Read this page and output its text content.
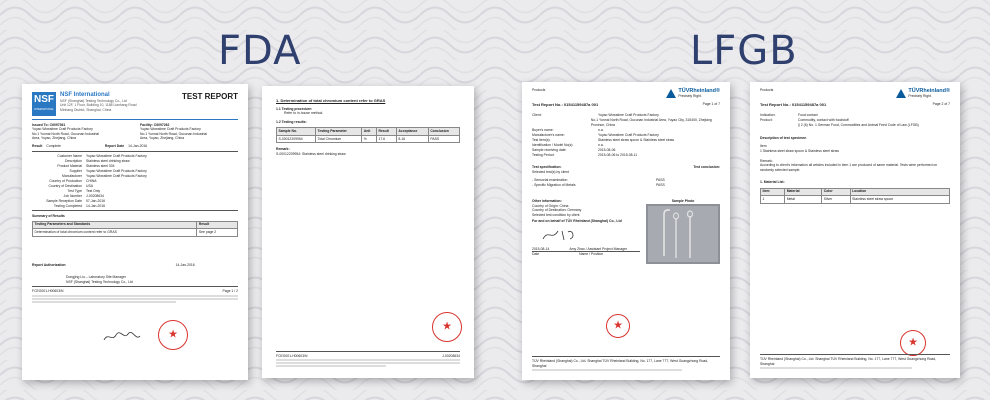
FDA	LFGB
NSF
INTERNATIONAL
NSF International
NSF (Shanghai) Testing Technology Co., Ltd
Unit 12F, 1 Floor, Building 10, 1188 Lianhang Road
Minhang District, Shanghai, China
TEST REPORT
Issued To: C6097361
Yuyao Wowstime Craft Products Factory
No.1 Yunnai North Road, Oucunan Industrial
Area, Yuyao, Zhejiang, China
Facility: C6097262
Yuyao Wowstime Craft Products Factory
No.1 Yunnai North Road, Oucunan Industrial
Area, Yuyao, Zhejiang, China
Result Complete	Report Date 14-Jan-2016
Customer Name Yuyao Wowstime Craft Products Factory
Description Stainless steel drinking straw
Product Material Stainless steel 304
Supplier Yuyao Wowstime Craft Products Factory
Manufacturer Yuyao Wowstime Craft Products Factory
Country of Production CHINA
Country of Destination USA
Test Type Test Only
Job Number J-00208634
Sample Reception Date 07-Jan-2016
Testing Completed 14-Jan-2016
Summary of Results
Testing Parameters and Standards	Result
Determination of total chromium content refer to GRAS	See page 2
Report Authorization	14-Jan-2016
Dongjing Liu – Laboratory Site Manager
NSF (Shanghai) Testing Technology Co., Ltd
FCEG001-H00603/N	Page 1 / 2
★
1. Determination of total chromium content refer to GRAS
1.1 Testing procedure:
Refer to in-house method.
1.2 Testing results:
Sample No.	Testing Parameter	Unit	Result	Acceptance	Conclusion
S-00012209954	Total Chromium	%	17.6	8-16	PASS
Remark:
S-00012209954: Stainless steel drinking straw
★
FCEG001-H00603/N	J-00208634
Products	TÜVRheinland®
Precisely Right.
Test Report No.: 01541159487a 001	Page 1 of 7
Client:	Yuyao Wowstime Craft Products Factory
No.1 Yunnai North Road, Oucunan Industrial Area, Yuyao City, 315400, Zhejiang Province, China
Buyer's name:	n.a.
Manufacturer's name:	Yuyao Wowstime Craft Products Factory
Test item(s):	Stainless steel straw spoon & Stainless steel straw
Identification / Model No(s):	n.a.
Sample receiving date:	2015-08-06
Testing Period:	2015-08-06 to 2015-08-11
Test specification:
Selected test(s) by client
Test conclusion:
- Sensorial examination	PASS
- Specific Migration of Metals	PASS
Other information:
Country of Origin: China
Country of Destination: Germany
Selected test condition by client
For and on behalf of TÜV Rheinland (Shanghai) Co., Ltd
2015-08-14	Amy Zhao / Assistant Project Manager
Date	Name / Position
Sample Photo
★
TÜV Rheinland (Shanghai) Co., Ltd. Shanghai TÜV Rheinland Building, No. 177, Lane 777, West Guangzhong Road, Shanghai
Products	TÜVRheinland®
Precisely Right.
Test Report No.: 01541159487a 001	Page 2 of 7
Indication:	Food contact
Product:	Commodity, contact with foodstuff
§ 2 (6) No. 1 German Food, Commodities and Animal Feed Code of Law (LFGB)
Description of test specimen
Item
1 Stainless steel straw spoon & Stainless steel straw
Remark:
According to client's information all articles included in item 1 are produced of same material. Tests were performed on randomly selected sample.
1. Material List:
Item	Material	Color	Location
1	Metal	Silver	Stainless steel straw spoon
★
TÜV Rheinland (Shanghai) Co., Ltd. Shanghai TÜV Rheinland Building, No. 177, Lane 777, West Guangzhong Road, Shanghai
